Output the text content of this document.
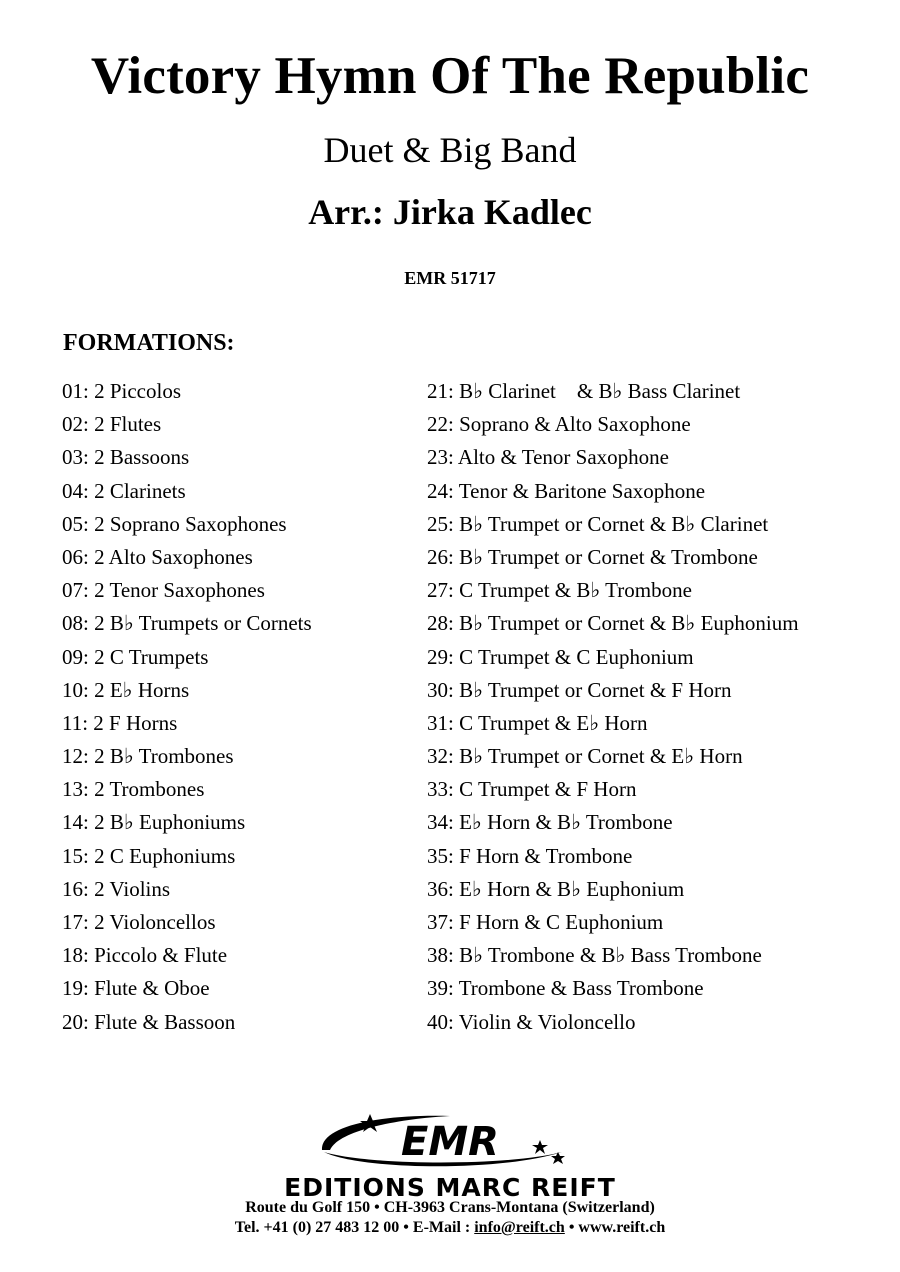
Victory Hymn Of The Republic
Duet & Big Band
Arr.: Jirka Kadlec
EMR 51717
FORMATIONS:
01: 2 Piccolos
02: 2 Flutes
03: 2 Bassoons
04: 2 Clarinets
05: 2 Soprano Saxophones
06: 2 Alto Saxophones
07: 2 Tenor Saxophones
08: 2 B♭ Trumpets or Cornets
09: 2 C Trumpets
10: 2 E♭ Horns
11: 2 F Horns
12: 2 B♭ Trombones
13: 2 Trombones
14: 2 B♭ Euphoniums
15: 2 C Euphoniums
16: 2 Violins
17: 2 Violoncellos
18: Piccolo & Flute
19: Flute & Oboe
20: Flute & Bassoon
21: B♭ Clarinet    & B♭ Bass Clarinet
22: Soprano & Alto Saxophone
23: Alto & Tenor Saxophone
24: Tenor & Baritone Saxophone
25: B♭ Trumpet or Cornet & B♭ Clarinet
26: B♭ Trumpet or Cornet & Trombone
27: C Trumpet & B♭ Trombone
28: B♭ Trumpet or Cornet & B♭ Euphonium
29: C Trumpet & C Euphonium
30: B♭ Trumpet or Cornet & F Horn
31: C Trumpet & E♭ Horn
32: B♭ Trumpet or Cornet & E♭ Horn
33: C Trumpet & F Horn
34: E♭ Horn & B♭ Trombone
35: F Horn & Trombone
36: E♭ Horn & B♭ Euphonium
37: F Horn & C Euphonium
38: B♭ Trombone & B♭ Bass Trombone
39: Trombone & Bass Trombone
40: Violin & Violoncello
EMR
EDITIONS MARC REIFT
Route du Golf 150 • CH-3963 Crans-Montana (Switzerland)
Tel. +41 (0) 27 483 12 00 • E-Mail : info@reift.ch • www.reift.ch
